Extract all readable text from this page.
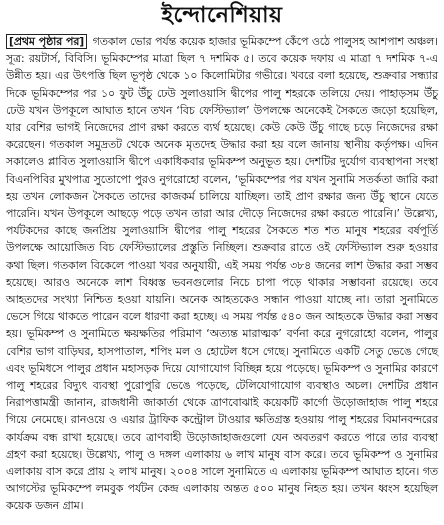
ইন্দোনেশিয়ায়

[প্রথম পৃষ্ঠার পর] গতকাল ভোর পর্যন্ত কয়েক হাজার ভূমিকম্পে কেঁপে ওঠে পালুসহ আশপাশ অঞ্চল। সূত্র: রয়টার্স, বিবিসি। ভূমিকম্পের মাত্রা ছিল ৭ দশমিক ৫। তবে কয়েক দফায় এ মাত্রা ৭ দশমিক ৭-এ উন্নীত হয়। এর উৎপত্তি ছিল ভূপৃষ্ঠ থেকে ১০ কিলোমিটার গভীরে। খবরে বলা হয়েছে, শুক্রবার সন্ধ্যার দিকে ভূমিকম্পের পর ১০ ফুট উঁচু ঢেউ সুলাওয়াসি দ্বীপের পালু শহরকে তলিয়ে দেয়। পাহাড়সম উঁচু ঢেউ যখন উপকূলে আঘাত হানে তখন ‘বিচ ফেস্টিভ্যাল’ উপলক্ষে অনেকেই সৈকতে জড়ো হয়েছিল, যার বেশির ভাগই নিজেদের প্রাণ রক্ষা করতে ব্যর্থ হয়েছে। কেউ কেউ উঁচু গাছে চড়ে নিজেদের রক্ষা করেছেন। গতকাল সমুদ্রতট থেকে অনেক মৃতদেহ উদ্ধার করা হয় বলে জানায় স্থানীয় কর্তৃপক্ষ। এদিন সকালেও প্লাবিত সুলাওয়াসি দ্বীপে একাধিকবার ভূমিকম্প অনুভূত হয়। দেশটির দুর্যোগ ব্যবস্থাপনা সংস্থা বিএনপিবির মুখপাত্র সুতোপো পুরও নুগরোহো বলেন, ‘ভূমিকম্পের পর যখন সুনামি সতর্কতা জারি করা হয় তখন লোকজন সৈকতে তাদের কাজকর্ম চালিয়ে যাচ্ছিল। তাই প্রাণ রক্ষার জন্য উঁচু স্থানে যেতে পারেনি। যখন উপকূলে আছড়ে পড়ে তখন তারা আর দৌড়ে নিজেদের রক্ষা করতে পারেনি।’ উল্লেখ্য, পর্যটকদের কাছে জনপ্রিয় সুলাওয়াসি দ্বীপের পালু শহরের সৈকতে শত শত মানুষ শহরের বর্ষপূর্তি উপলক্ষে আয়োজিত বিচ ফেস্টিভ্যালের প্রস্তুতি নিচ্ছিল। শুক্রবার রাতে ওই ফেস্টিভ্যাল শুরু হওয়ার কথা ছিল। গতকাল বিকেলে পাওয়া খবর অনুযায়ী, এই সময় পর্যন্ত ৩৮৪ জনের লাশ উদ্ধার করা সম্ভব হয়েছে। আরও অনেকে লাশ বিধ্বস্ত ভবনগুলোর নিচে চাপা পড়ে থাকার সম্ভাবনা রয়েছে। তবে আহতদের সংখ্যা নিশ্চিত হওয়া যায়নি। অনেক আহতকেও সন্ধান পাওয়া যাচ্ছে না। তারা সুনামিতে ভেসে গিয়ে থাকতে পারেন বলে ধারণা করা হচ্ছে। এ সময় পর্যন্ত ৫৪০ জন আহতকে উদ্ধার করা সম্ভব হয়। ভূমিকম্প ও সুনামিতে ক্ষয়ক্ষতির পরিমাণ ‘অত্যন্ত মারাত্মক’ বর্ণনা করে নুগরোহো বলেন, পালুর বেশির ভাগ বাড়িঘর, হাসপাতাল, শপিং মল ও হোটেল ধসে গেছে। সুনামিতে একটি সেতু ভেঙে গেছে এবং ভূমিধসে পালুর প্রধান মহাসড়ক দিয়ে যোগাযোগ বিচ্ছিন্ন হয়ে পড়েছে। ভূমিকম্প ও সুনামির কারণে পালু শহরের বিদ্যুৎ ব্যবস্থা পুরোপুরি ভেঙে পড়েছে, টেলিযোগাযোগ ব্যবস্থাও অচল। দেশটির প্রধান নিরাপত্তামন্ত্রী জানান, রাজধানী জাকার্তা থেকে ত্রাণবোঝাই কয়েকটি কার্গো উড়োজাহাজ পালু শহরে গিয়ে নেমেছে। রানওয়ে ও এয়ার ট্রাফিক কন্ট্রোল টাওয়ার ক্ষতিগ্রস্ত হওয়ায় পালু শহরের বিমানবন্দরের কার্যক্রম বন্ধ রাখা হয়েছে। তবে ত্রাণবাহী উড়োজাহাজগুলো যেন অবতরণ করতে পারে তার ব্যবস্থা গ্রহণ করা হয়েছে। উল্লেখ্য, পালু ও দঙ্গল এলাকায় ৬ লাখ মানুষ বাস করে। তবে ভূমিকম্প ও সুনামির এলাকায় বাস করে প্রায় ২ লাখ মানুষ। ২০০৪ সালে সুনামিতে এ এলাকায় ভূমিকম্প আঘাত হানে। গত আগস্টের ভূমিকম্পে লমবুক পর্যটন কেন্দ্র এলাকায় অন্তত ৫০০ মানুষ নিহত হয়। তখন ধ্বংস হয়েছিল কয়েক ডজন গ্রাম।
